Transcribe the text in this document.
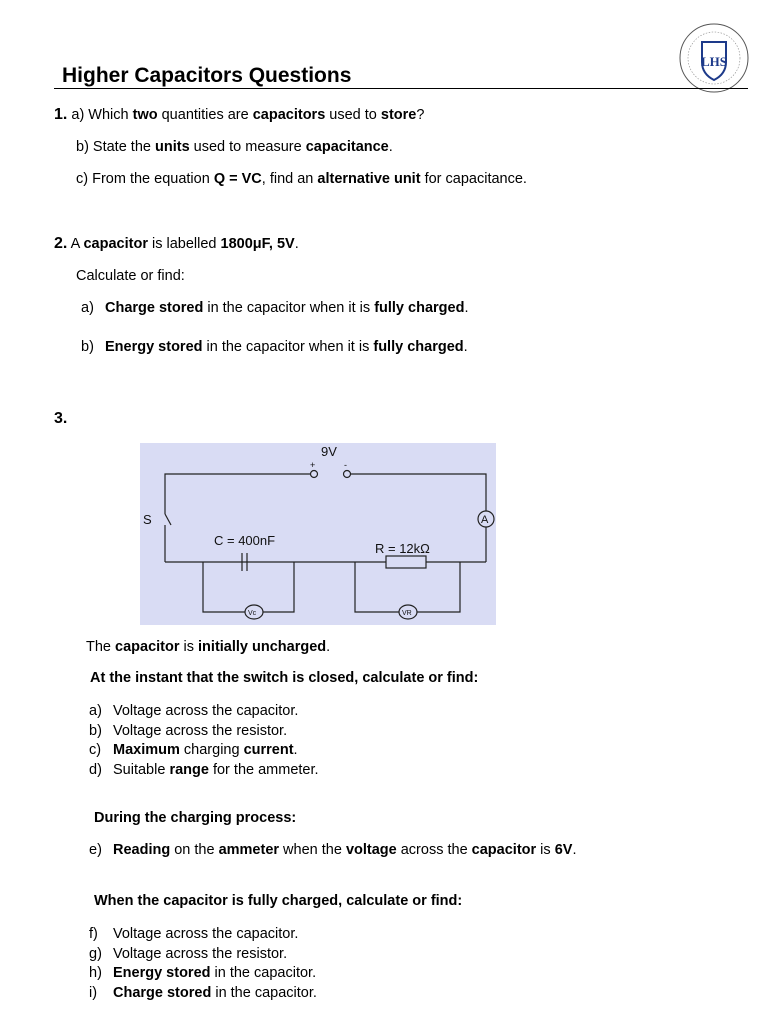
LHS
Higher Capacitors Questions
1. a) Which two quantities are capacitors used to store?
b) State the units used to measure capacitance.
c) From the equation Q = VC, find an alternative unit for capacitance.
2. A capacitor is labelled 1800μF, 5V.
Calculate or find:
a) Charge stored in the capacitor when it is fully charged.
b) Energy stored in the capacitor when it is fully charged.
3.
9V
+	-
S	A
C = 400nF
R = 12kΩ
Vc	VR
The capacitor is initially uncharged.
At the instant that the switch is closed, calculate or find:
a) Voltage across the capacitor.
b) Voltage across the resistor.
c) Maximum charging current.
d) Suitable range for the ammeter.
During the charging process:
e) Reading on the ammeter when the voltage across the capacitor is 6V.
When the capacitor is fully charged, calculate or find:
f) Voltage across the capacitor.
g) Voltage across the resistor.
h) Energy stored in the capacitor.
i) Charge stored in the capacitor.
